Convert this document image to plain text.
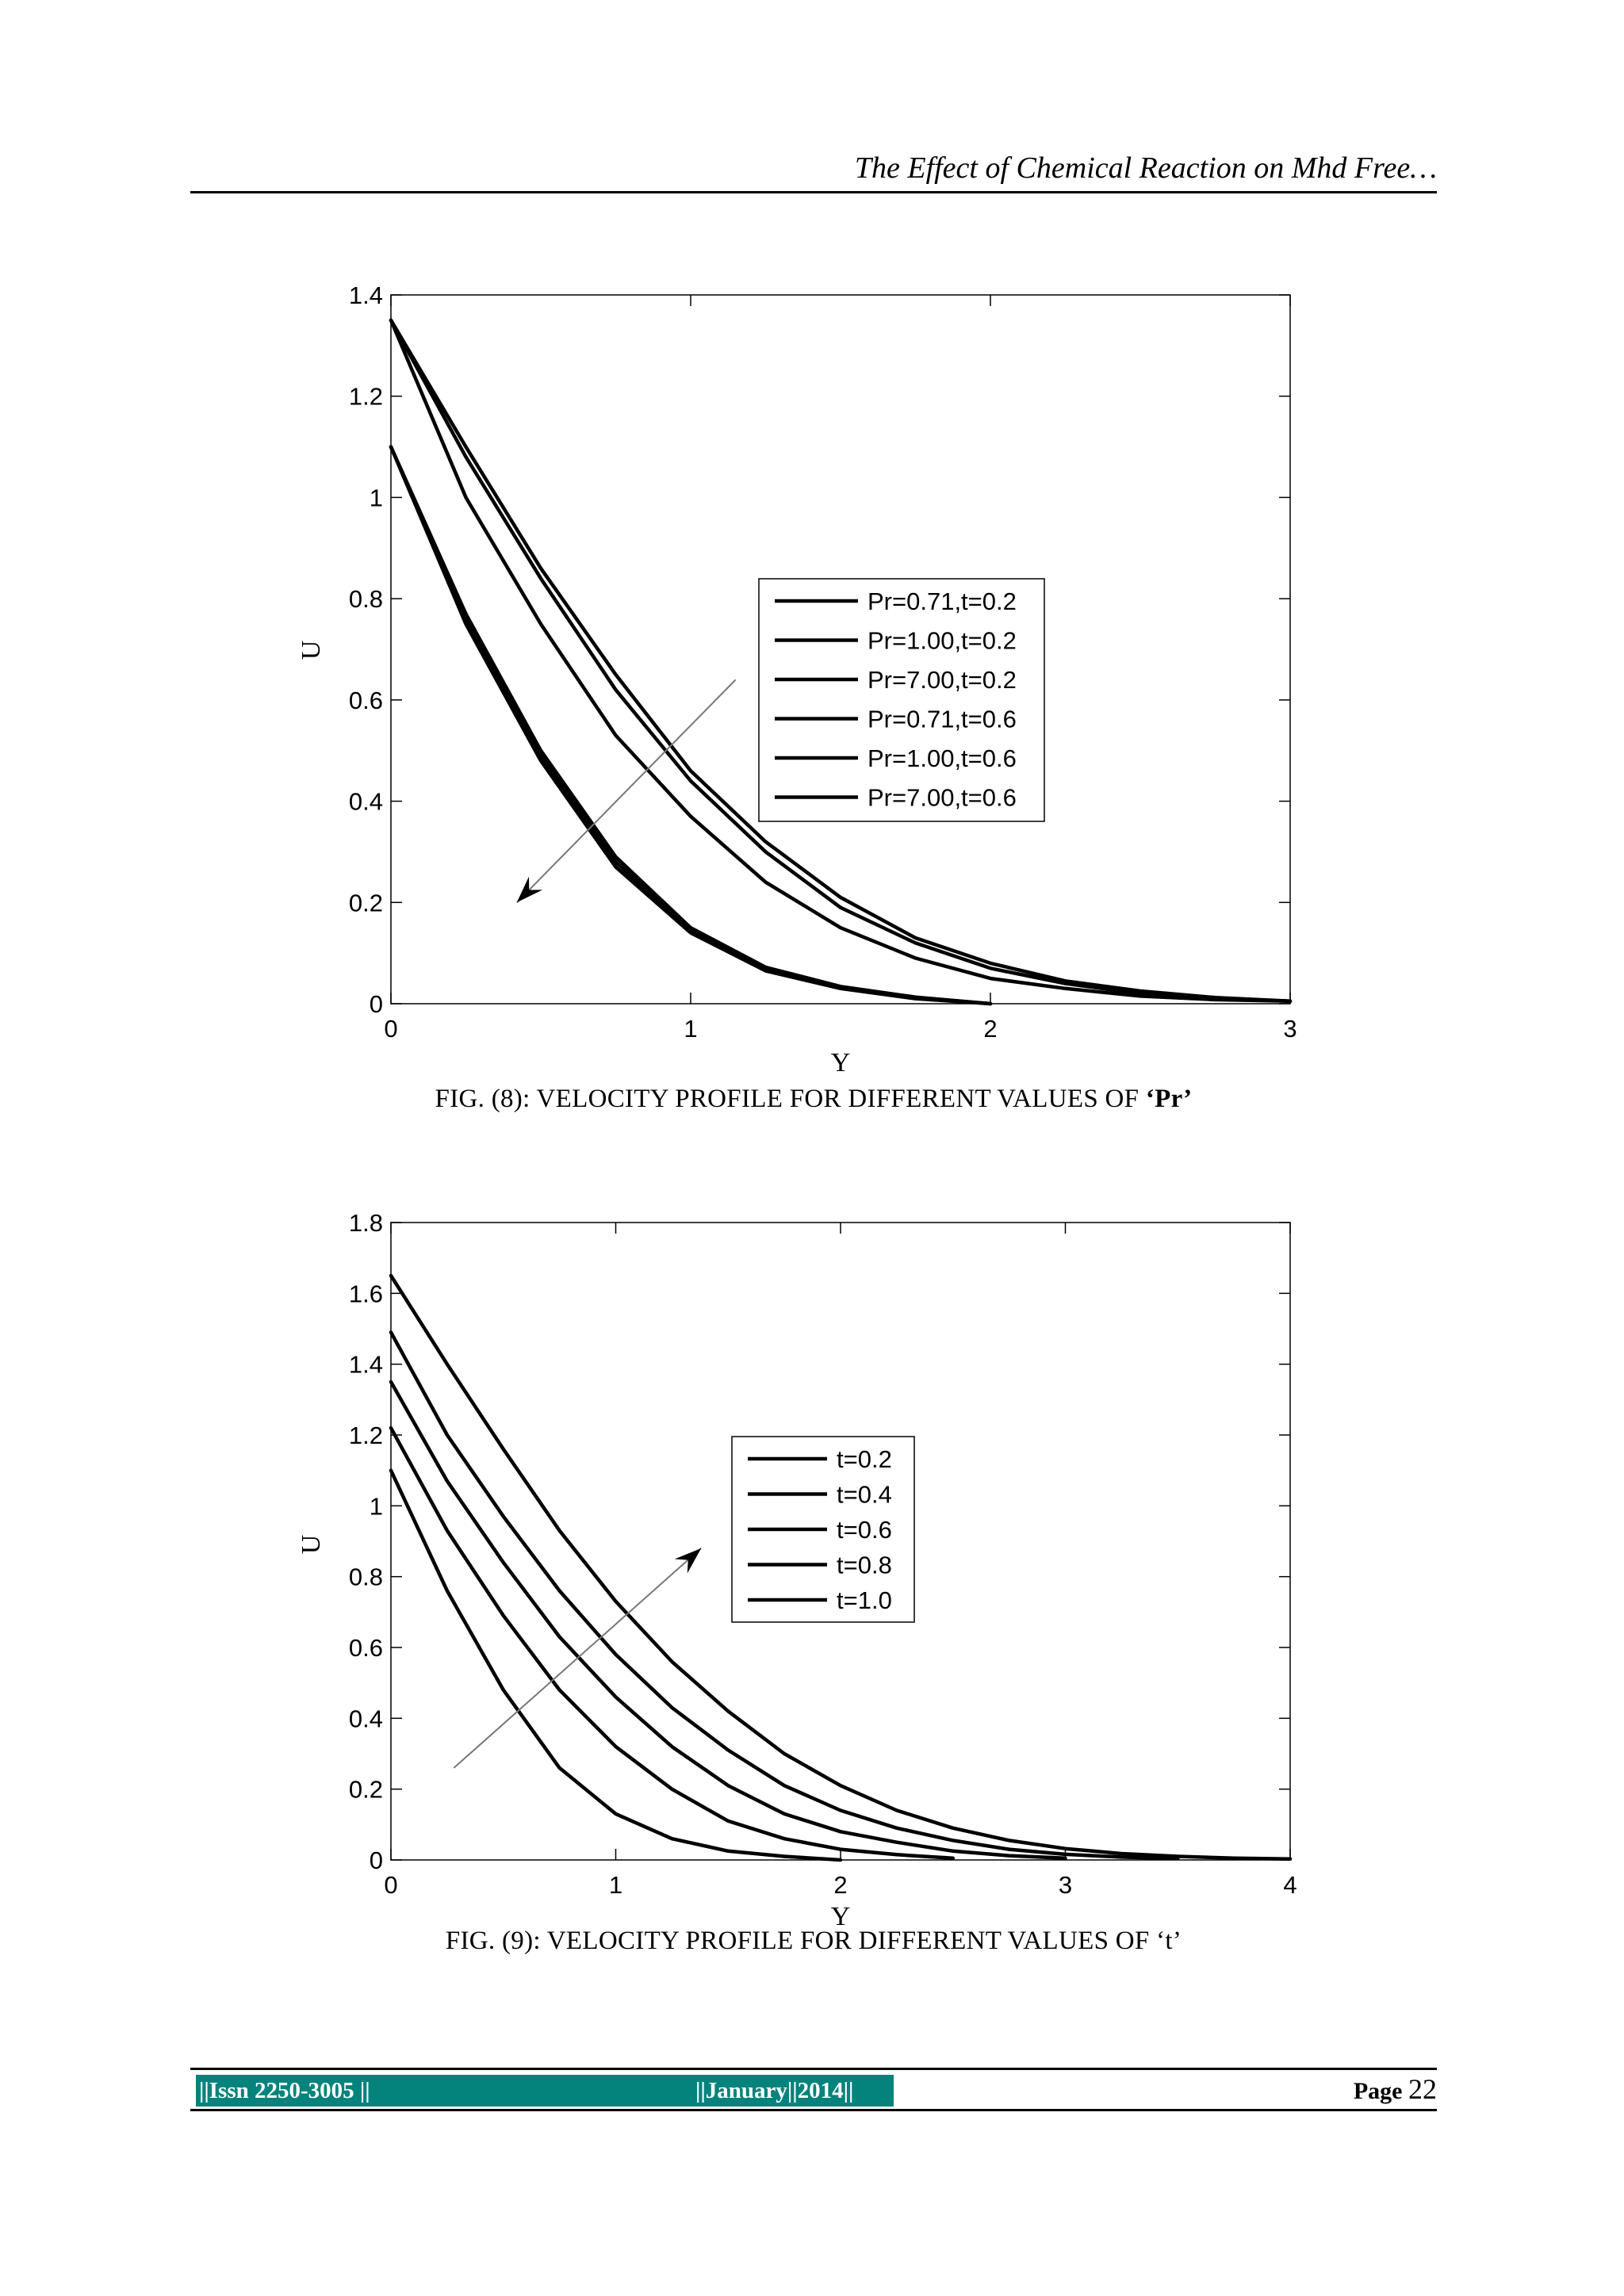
The Effect of Chemical Reaction on Mhd Free…
0
0.2
0.4
0.6
0.8
1
1.2
1.4
0	1	2	3
Y
U
Pr=0.71,t=0.2
Pr=1.00,t=0.2
Pr=7.00,t=0.2
Pr=0.71,t=0.6
Pr=1.00,t=0.6
Pr=7.00,t=0.6
FIG. (8): VELOCITY PROFILE FOR DIFFERENT VALUES OF ‘Pr’
0
0.2
0.4
0.6
0.8
1
1.2
1.4
1.6
1.8
0	1	2	3	4
Y
U
t=0.2
t=0.4
t=0.6
t=0.8
t=1.0
FIG. (9): VELOCITY PROFILE FOR DIFFERENT VALUES OF ‘t’
||Issn 2250-3005 ||	||January||2014||	Page 22
